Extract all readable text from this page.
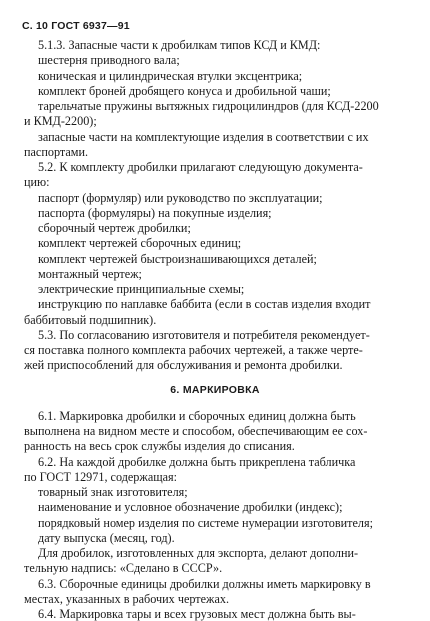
С. 10 ГОСТ 6937—91
5.1.3. Запасные части к дробилкам типов КСД и КМД:
шестерня приводного вала;
коническая и цилиндрическая втулки эксцентрика;
комплект броней дробящего конуса и дробильной чаши;
тарельчатые пружины вытяжных гидроцилиндров (для КСД-2200
и КМД-2200);
запасные части на комплектующие изделия в соответствии с их
паспортами.
5.2. К комплекту дробилки прилагают следующую документа-
цию:
паспорт (формуляр) или руководство по эксплуатации;
паспорта (формуляры) на покупные изделия;
сборочный чертеж дробилки;
комплект чертежей сборочных единиц;
комплект чертежей быстроизнашивающихся деталей;
монтажный чертеж;
электрические принципиальные схемы;
инструкцию по наплавке баббита (если в состав изделия входит
баббитовый подшипник).
5.3. По согласованию изготовителя и потребителя рекомендует-
ся поставка полного комплекта рабочих чертежей, а также черте-
жей приспособлений для обслуживания и ремонта дробилки.
6. МАРКИРОВКА
6.1. Маркировка дробилки и сборочных единиц должна быть
выполнена на видном месте и способом, обеспечивающим ее сох-
ранность на весь срок службы изделия до списания.
6.2. На каждой дробилке должна быть прикреплена табличка
по ГОСТ 12971, содержащая:
товарный знак изготовителя;
наименование и условное обозначение дробилки (индекс);
порядковый номер изделия по системе нумерации изготовителя;
дату выпуска (месяц, год).
Для дробилок, изготовленных для экспорта, делают дополни-
тельную надпись: «Сделано в СССР».
6.3. Сборочные единицы дробилки должны иметь маркировку в
местах, указанных в рабочих чертежах.
6.4. Маркировка тары и всех грузовых мест должна быть вы-
